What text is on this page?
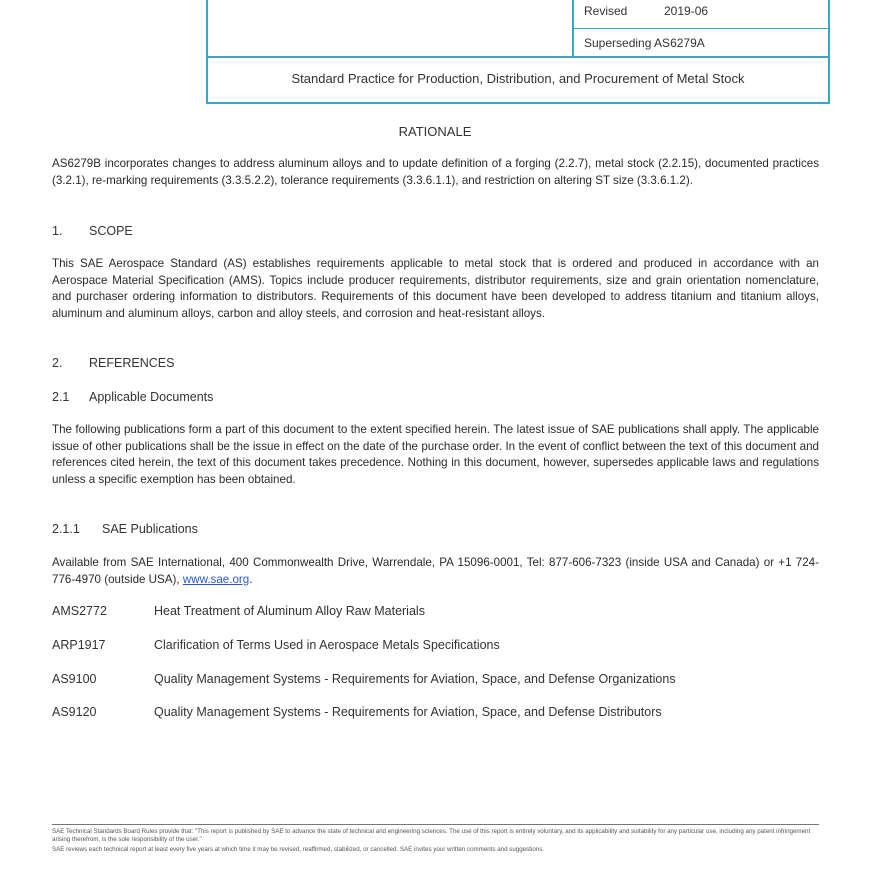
Revised	2019-06
Superseding AS6279A
Standard Practice for Production, Distribution, and Procurement of Metal Stock
RATIONALE
AS6279B incorporates changes to address aluminum alloys and to update definition of a forging (2.2.7), metal stock (2.2.15), documented practices (3.2.1), re-marking requirements (3.3.5.2.2), tolerance requirements (3.3.6.1.1), and restriction on altering ST size (3.3.6.1.2).
1. SCOPE
This SAE Aerospace Standard (AS) establishes requirements applicable to metal stock that is ordered and produced in accordance with an Aerospace Material Specification (AMS). Topics include producer requirements, distributor requirements, size and grain orientation nomenclature, and purchaser ordering information to distributors. Requirements of this document have been developed to address titanium and titanium alloys, aluminum and aluminum alloys, carbon and alloy steels, and corrosion and heat-resistant alloys.
2. REFERENCES
2.1 Applicable Documents
The following publications form a part of this document to the extent specified herein. The latest issue of SAE publications shall apply. The applicable issue of other publications shall be the issue in effect on the date of the purchase order. In the event of conflict between the text of this document and references cited herein, the text of this document takes precedence. Nothing in this document, however, supersedes applicable laws and regulations unless a specific exemption has been obtained.
2.1.1 SAE Publications
Available from SAE International, 400 Commonwealth Drive, Warrendale, PA 15096-0001, Tel: 877-606-7323 (inside USA and Canada) or +1 724-776-4970 (outside USA), www.sae.org.
AMS2772	Heat Treatment of Aluminum Alloy Raw Materials
ARP1917	Clarification of Terms Used in Aerospace Metals Specifications
AS9100	Quality Management Systems - Requirements for Aviation, Space, and Defense Organizations
AS9120	Quality Management Systems - Requirements for Aviation, Space, and Defense Distributors

SAE Technical Standards Board Rules provide that: "This report is published by SAE to advance the state of technical and engineering sciences. The use of this report is entirely voluntary, and its applicability and suitability for any particular use, including any patent infringement arising therefrom, is the sole responsibility of the user."

SAE reviews each technical report at least every five years at which time it may be revised, reaffirmed, stabilized, or cancelled. SAE invites your written comments and suggestions.
